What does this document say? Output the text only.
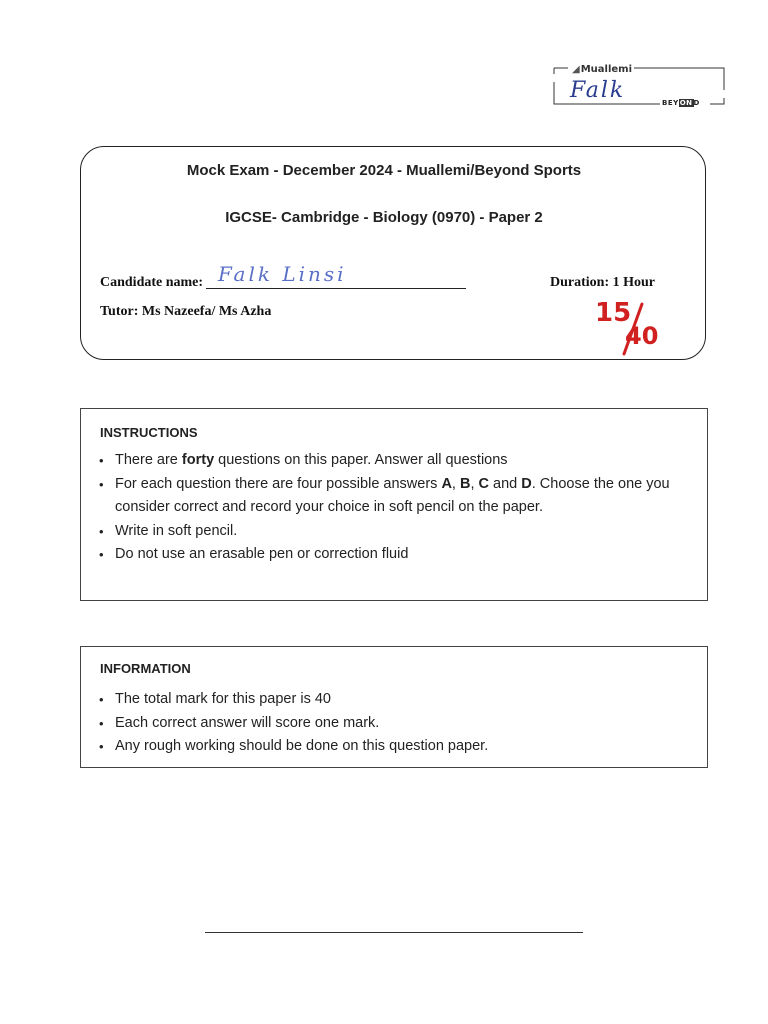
◢Muallemi
Falk	BEYOND
Mock Exam - December 2024 - Muallemi/Beyond Sports
IGCSE- Cambridge - Biology (0970) - Paper 2
Candidate name: Falk Linsi	Duration: 1 Hour
Tutor: Ms Nazeefa/ Ms Azha	15
40
INSTRUCTIONS
• There are forty questions on this paper. Answer all questions
• For each question there are four possible answers A, B, C and D. Choose the one you consider correct and record your choice in soft pencil on the paper.
• Write in soft pencil.
• Do not use an erasable pen or correction fluid
INFORMATION
• The total mark for this paper is 40
• Each correct answer will score one mark.
• Any rough working should be done on this question paper.
